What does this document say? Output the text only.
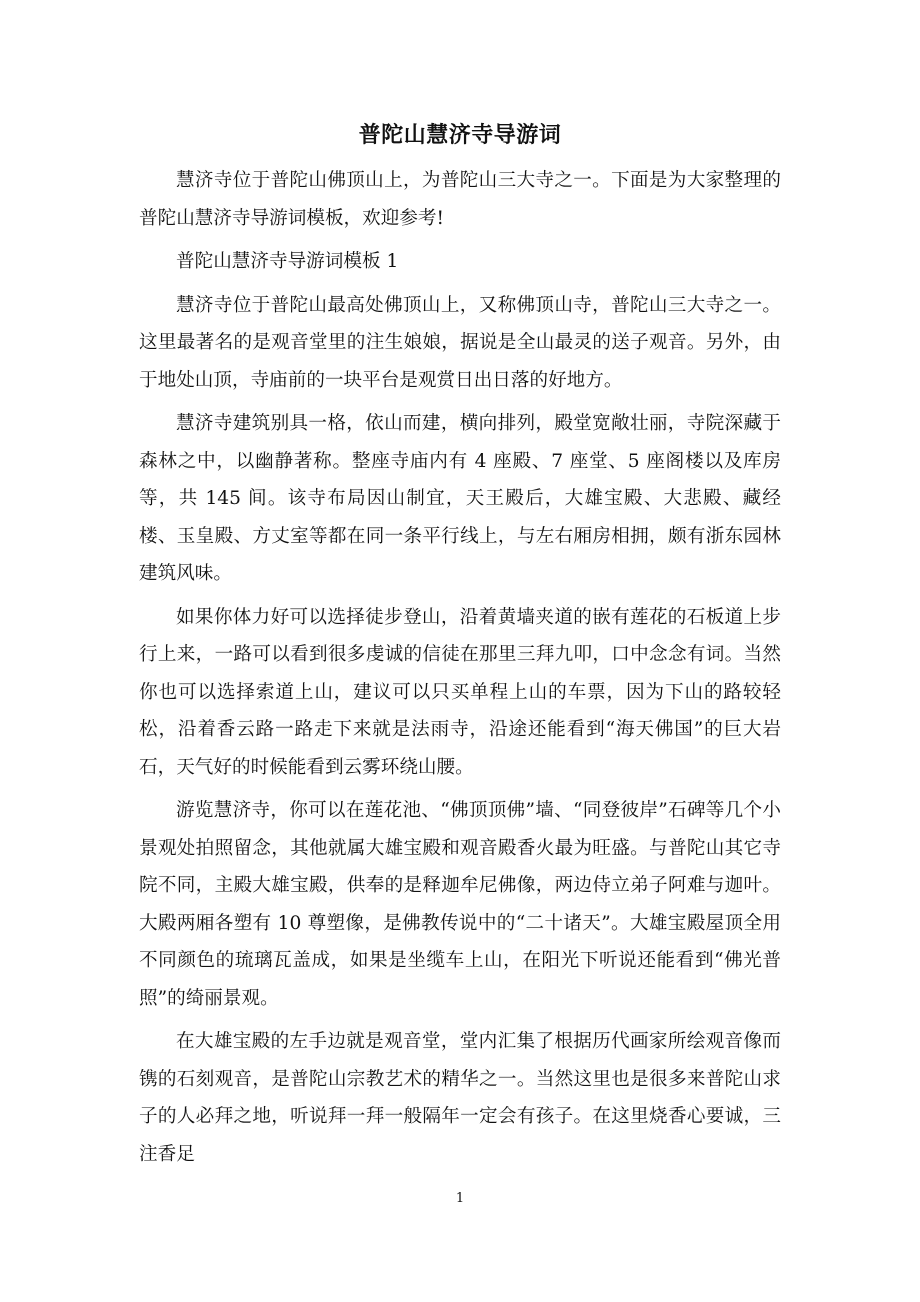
普陀山慧济寺导游词

慧济寺位于普陀山佛顶山上，为普陀山三大寺之一。下面是为大家整理的普陀山慧济寺导游词模板，欢迎参考!

普陀山慧济寺导游词模板 1

慧济寺位于普陀山最高处佛顶山上，又称佛顶山寺，普陀山三大寺之一。这里最著名的是观音堂里的注生娘娘，据说是全山最灵的送子观音。另外，由于地处山顶，寺庙前的一块平台是观赏日出日落的好地方。

慧济寺建筑别具一格，依山而建，横向排列，殿堂宽敞壮丽，寺院深藏于森林之中，以幽静著称。整座寺庙内有 4 座殿、7 座堂、5 座阁楼以及库房等，共 145 间。该寺布局因山制宜，天王殿后，大雄宝殿、大悲殿、藏经楼、玉皇殿、方丈室等都在同一条平行线上，与左右厢房相拥，颇有浙东园林建筑风味。

如果你体力好可以选择徒步登山，沿着黄墙夹道的嵌有莲花的石板道上步行上来，一路可以看到很多虔诚的信徒在那里三拜九叩，口中念念有词。当然你也可以选择索道上山，建议可以只买单程上山的车票，因为下山的路较轻松，沿着香云路一路走下来就是法雨寺，沿途还能看到“海天佛国”的巨大岩石，天气好的时候能看到云雾环绕山腰。

游览慧济寺，你可以在莲花池、“佛顶顶佛”墙、“同登彼岸”石碑等几个小景观处拍照留念，其他就属大雄宝殿和观音殿香火最为旺盛。与普陀山其它寺院不同，主殿大雄宝殿，供奉的是释迦牟尼佛像，两边侍立弟子阿难与迦叶。大殿两厢各塑有 10 尊塑像，是佛教传说中的“二十诸天”。大雄宝殿屋顶全用不同颜色的琉璃瓦盖成，如果是坐缆车上山，在阳光下听说还能看到“佛光普照”的绮丽景观。

在大雄宝殿的左手边就是观音堂，堂内汇集了根据历代画家所绘观音像而镌的石刻观音，是普陀山宗教艺术的精华之一。当然这里也是很多来普陀山求子的人必拜之地，听说拜一拜一般隔年一定会有孩子。在这里烧香心要诚，三注香足

1
